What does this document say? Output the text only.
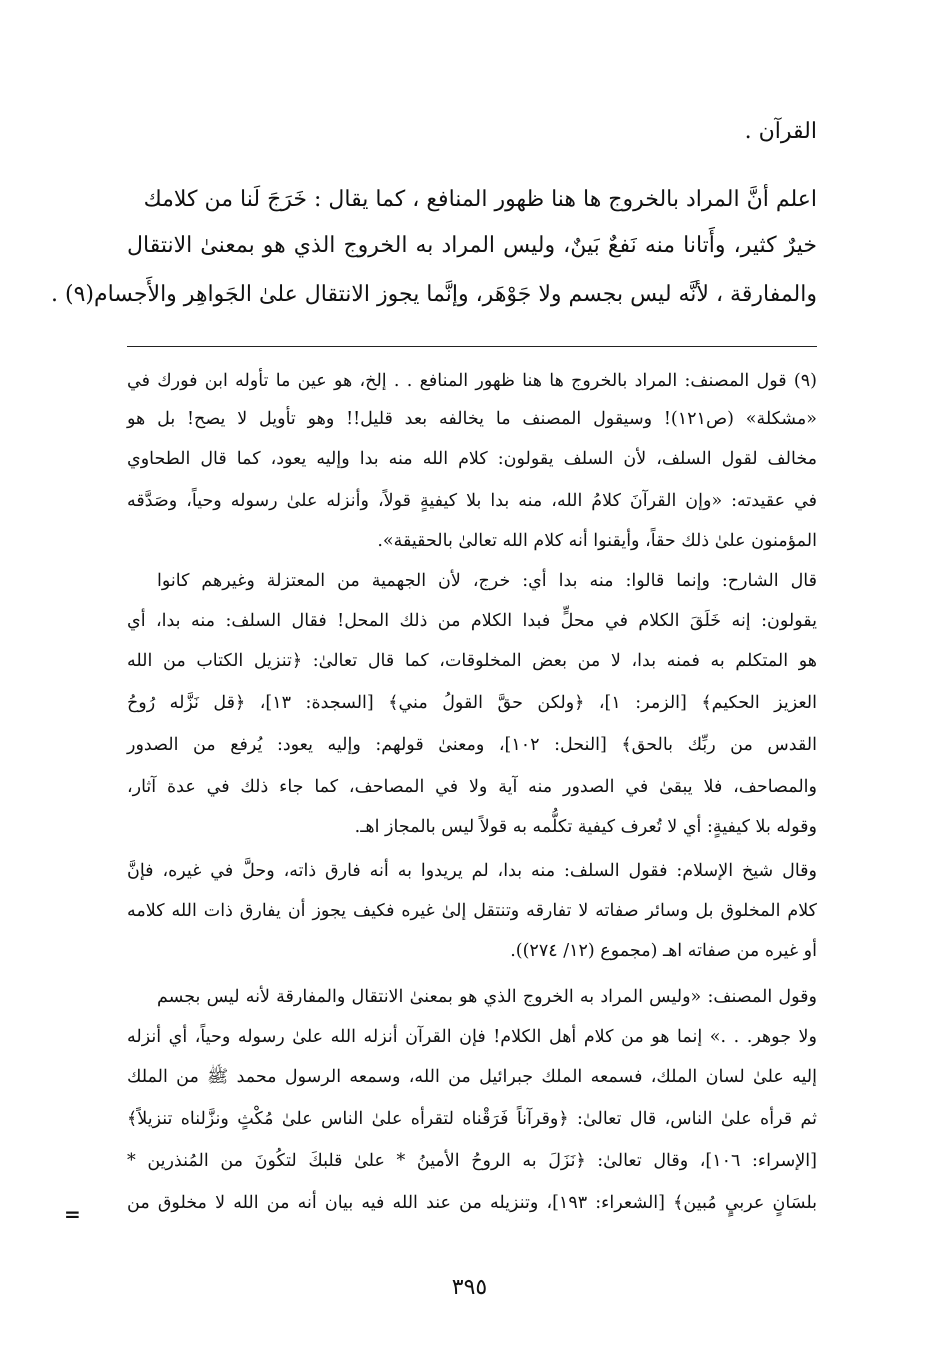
القرآن .

اعلم أنَّ المراد بالخروج ها هنا ظهور المنافع ، كما يقال : خَرَجَ لَنا من كلامك

خيرٌ كثير، وأَتانا منه نَفعٌ بَينٌ، وليس المراد به الخروج الذي هو بمعنىٰ الانتقال

والمفارقة ، لأنَّه ليس بجسم ولا جَوْهَر، وإنَّما يجوز الانتقال علىٰ الجَواهِر والأَجسام(٩) .

(٩) قول المصنف: المراد بالخروج ها هنا ظهور المنافع . . إلخ، هو عين ما تأوله ابن فورك في

«مشكلة» (ص١٢١)! وسيقول المصنف ما يخالفه بعد قليل!! وهو تأويل لا يصح! بل هو

مخالف لقول السلف، لأن السلف يقولون: كلام الله منه بدا وإليه يعود، كما قال الطحاوي

في عقيدته: «وإن القرآنَ كلامُ الله، منه بدا بلا كيفيةٍ قولاً، وأنزله علىٰ رسوله وحياً، وصَدَّقه

المؤمنون علىٰ ذلك حقاً، وأيقنوا أنه كلام الله تعالىٰ بالحقيقة».

قال الشارح: وإنما قالوا: منه بدا أي: خرج، لأن الجهمية من المعتزلة وغيرهم كانوا

يقولون: إنه خَلَقَ الكلام في محلٍّ فبدا الكلام من ذلك المحل! فقال السلف: منه بدا، أي

هو المتكلم به فمنه بدا، لا من بعض المخلوقات، كما قال تعالىٰ: ﴿تنزيل الكتاب من الله

العزيز الحكيم﴾ [الزمر: ١]، ﴿ولكن حقَّ القولُ مني﴾ [السجدة: ١٣]، ﴿قل نَزَّله رُوحُ

القدس من ربِّك بالحق﴾ [النحل: ١٠٢]، ومعنىٰ قولهم: وإليه يعود: يُرفع من الصدور

والمصاحف، فلا يبقىٰ في الصدور منه آية ولا في المصاحف، كما جاء ذلك في عدة آثار،

وقوله بلا كيفيةٍ: أي لا تُعرف كيفية تكلُّمه به قولاً ليس بالمجاز اهـ.

وقال شيخ الإسلام: فقول السلف: منه بدا، لم يريدوا به أنه فارق ذاته، وحلَّ في غيره، فإنَّ

كلام المخلوق بل وسائر صفاته لا تفارقه وتنتقل إلىٰ غيره فكيف يجوز أن يفارق ذات الله كلامه

أو غيره من صفاته اهـ (مجموع (١٢/ ٢٧٤)).

وقول المصنف: «وليس المراد به الخروج الذي هو بمعنىٰ الانتقال والمفارقة لأنه ليس بجسم

ولا جوهر. . .» إنما هو من كلام أهل الكلام! فإن القرآن أنزله الله علىٰ رسوله وحياً، أي أنزله

إليه علىٰ لسان الملك، فسمعه الملك جبرائيل من الله، وسمعه الرسول محمد ﷺ من الملك

ثم قرأه علىٰ الناس، قال تعالىٰ: ﴿وقرآناً فَرَقْناه لتقرأه علىٰ الناس علىٰ مُكْثٍ ونزَّلناه تنزيلاً﴾

[الإسراء: ١٠٦]، وقال تعالىٰ: ﴿نَزَلَ به الروحُ الأمينُ * علىٰ قلبكَ لتكُونَ من المُنذرين *

بلسَانٍ عربيٍ مُبين﴾ [الشعراء: ١٩٣]، وتنزيله من عند الله فيه بيان أنه من الله لا مخلوق من

=
٣٩٥
